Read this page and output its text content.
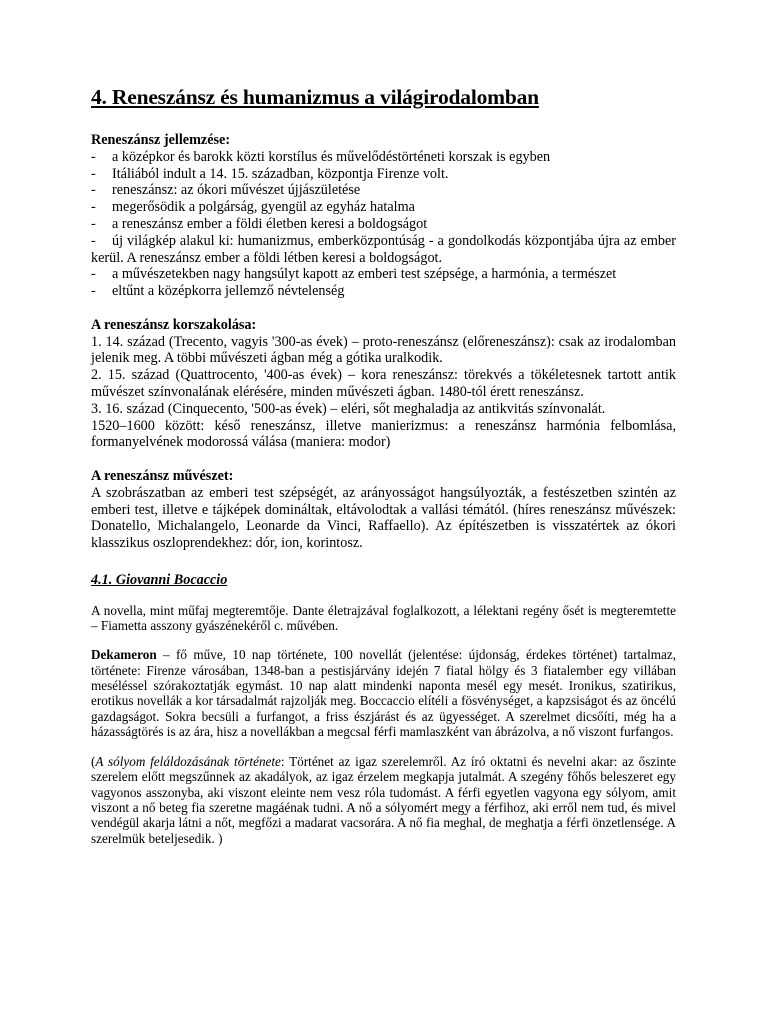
4. Reneszánsz és humanizmus a világirodalomban

Reneszánsz jellemzése:

-	a középkor és barokk közti korstílus és művelődéstörténeti korszak is egyben
-	Itáliából indult a 14. 15. században, központja Firenze volt.
-	reneszánsz: az ókori művészet újjászületése
-	megerősödik a polgárság, gyengül az egyház hatalma
-	a reneszánsz ember a földi életben keresi a boldogságot
- új világkép alakul ki: humanizmus, emberközpontúság - a gondolkodás központjába újra az ember kerül. A reneszánsz ember a földi létben keresi a boldogságot.
-	a művészetekben nagy hangsúlyt kapott az emberi test szépsége, a harmónia, a természet
-	eltűnt a középkorra jellemző névtelenség

A reneszánsz korszakolása:

1. 14. század (Trecento, vagyis '300-as évek) – proto-reneszánsz (előreneszánsz): csak az irodalomban jelenik meg. A többi művészeti ágban még a gótika uralkodik.

2. 15. század (Quattrocento, '400-as évek) – kora reneszánsz: törekvés a tökéletesnek tartott antik művészet színvonalának elérésére, minden művészeti ágban. 1480-tól érett reneszánsz.

3. 16. század (Cinquecento, '500-as évek) – eléri, sőt meghaladja az antikvitás színvonalát.

1520–1600 között: késő reneszánsz, illetve manierizmus: a reneszánsz harmónia felbomlása, formanyelvének modorossá válása (maniera: modor)

A reneszánsz művészet:

A szobrászatban az emberi test szépségét, az arányosságot hangsúlyozták, a festészetben szintén az emberi test, illetve e tájképek domináltak, eltávolodtak a vallási témától. (híres reneszánsz művészek: Donatello, Michalangelo, Leonarde da Vinci, Raffaello). Az építészetben is visszatértek az ókori klasszikus oszloprendekhez: dór, ion, korintosz.

4.1. Giovanni Bocaccio

A novella, mint műfaj megteremtője. Dante életrajzával foglalkozott, a lélektani regény ősét is megteremtette – Fiametta asszony gyászénekéről c. művében.

Dekameron – fő műve, 10 nap története, 100 novellát (jelentése: újdonság, érdekes történet) tartalmaz, története: Firenze városában, 1348-ban a pestisjárvány idején 7 fiatal hölgy és 3 fiatalember egy villában meséléssel szórakoztatják egymást. 10 nap alatt mindenki naponta mesél egy mesét. Ironikus, szatirikus, erotikus novellák a kor társadalmát rajzolják meg. Boccaccio elítéli a fösvénységet, a kapzsiságot és az öncélú gazdagságot. Sokra becsüli a furfangot, a friss észjárást és az ügyességet. A szerelmet dicsőíti, még ha a házasságtörés is az ára, hisz a novellákban a megcsal férfi mamlaszként van ábrázolva, a nő viszont furfangos.

(A sólyom feláldozásának története: Történet az igaz szerelemről. Az író oktatni és nevelni akar: az őszinte szerelem előtt megszűnnek az akadályok, az igaz érzelem megkapja jutalmát. A szegény főhős beleszeret egy vagyonos asszonyba, aki viszont eleinte nem vesz róla tudomást. A férfi egyetlen vagyona egy sólyom, amit viszont a nő beteg fia szeretne magáénak tudni. A nő a sólyomért megy a férfihoz, aki erről nem tud, és mivel vendégül akarja látni a nőt, megfőzi a madarat vacsorára. A nő fia meghal, de meghatja a férfi önzetlensége. A szerelmük beteljesedik. )
